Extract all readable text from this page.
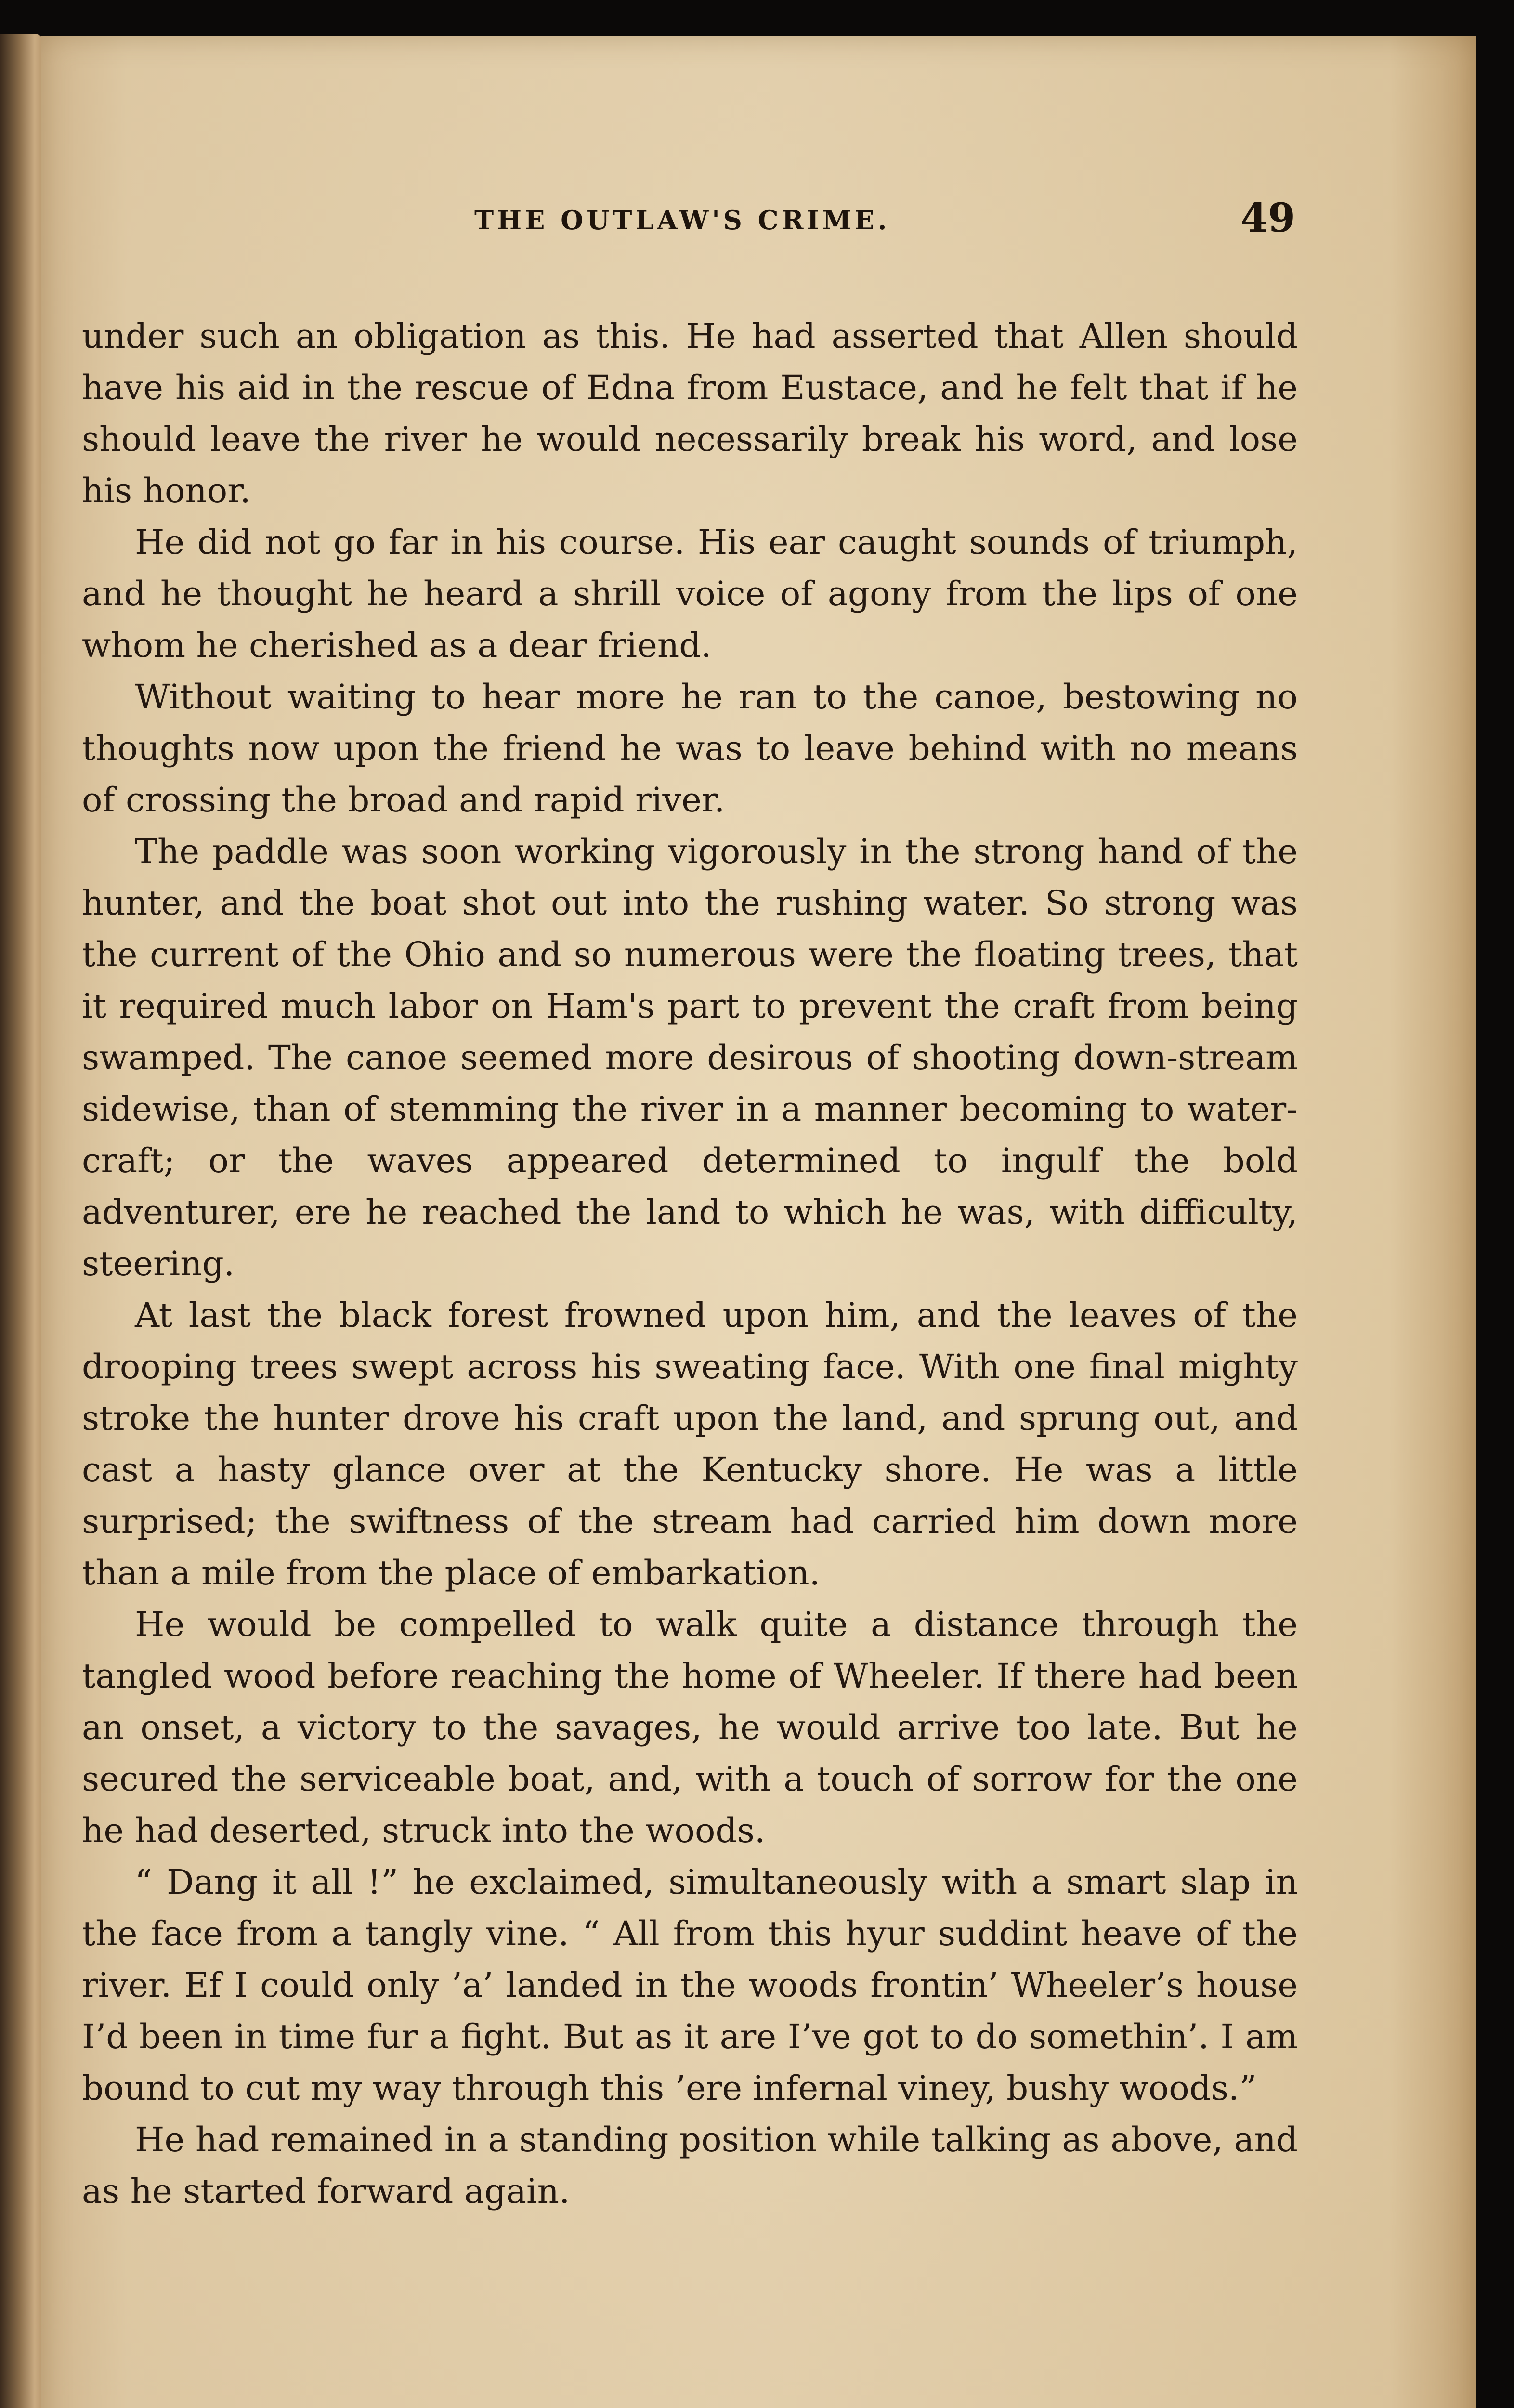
THE OUTLAW'S CRIME.	49

under such an obligation as this. He had asserted that Allen should have his aid in the rescue of Edna from Eustace, and he felt that if he should leave the river he would necessarily break his word, and lose his honor.

He did not go far in his course. His ear caught sounds of triumph, and he thought he heard a shrill voice of agony from the lips of one whom he cherished as a dear friend.

Without waiting to hear more he ran to the canoe, bestowing no thoughts now upon the friend he was to leave behind with no means of crossing the broad and rapid river.

The paddle was soon working vigorously in the strong hand of the hunter, and the boat shot out into the rushing water. So strong was the current of the Ohio and so numerous were the floating trees, that it required much labor on Ham's part to prevent the craft from being swamped. The canoe seemed more desirous of shooting down-stream sidewise, than of stemming the river in a manner becoming to water-craft; or the waves appeared determined to ingulf the bold adventurer, ere he reached the land to which he was, with difficulty, steering.

At last the black forest frowned upon him, and the leaves of the drooping trees swept across his sweating face. With one final mighty stroke the hunter drove his craft upon the land, and sprung out, and cast a hasty glance over at the Kentucky shore. He was a little surprised; the swiftness of the stream had carried him down more than a mile from the place of embarkation.

He would be compelled to walk quite a distance through the tangled wood before reaching the home of Wheeler. If there had been an onset, a victory to the savages, he would arrive too late. But he secured the serviceable boat, and, with a touch of sorrow for the one he had deserted, struck into the woods.

“ Dang it all !” he exclaimed, simultaneously with a smart slap in the face from a tangly vine. “ All from this hyur suddint heave of the river. Ef I could only ’a’ landed in the woods frontin’ Wheeler’s house I’d been in time fur a fight. But as it are I’ve got to do somethin’. I am bound to cut my way through this ’ere infernal viney, bushy woods.”

He had remained in a standing position while talking as above, and as he started forward again.
